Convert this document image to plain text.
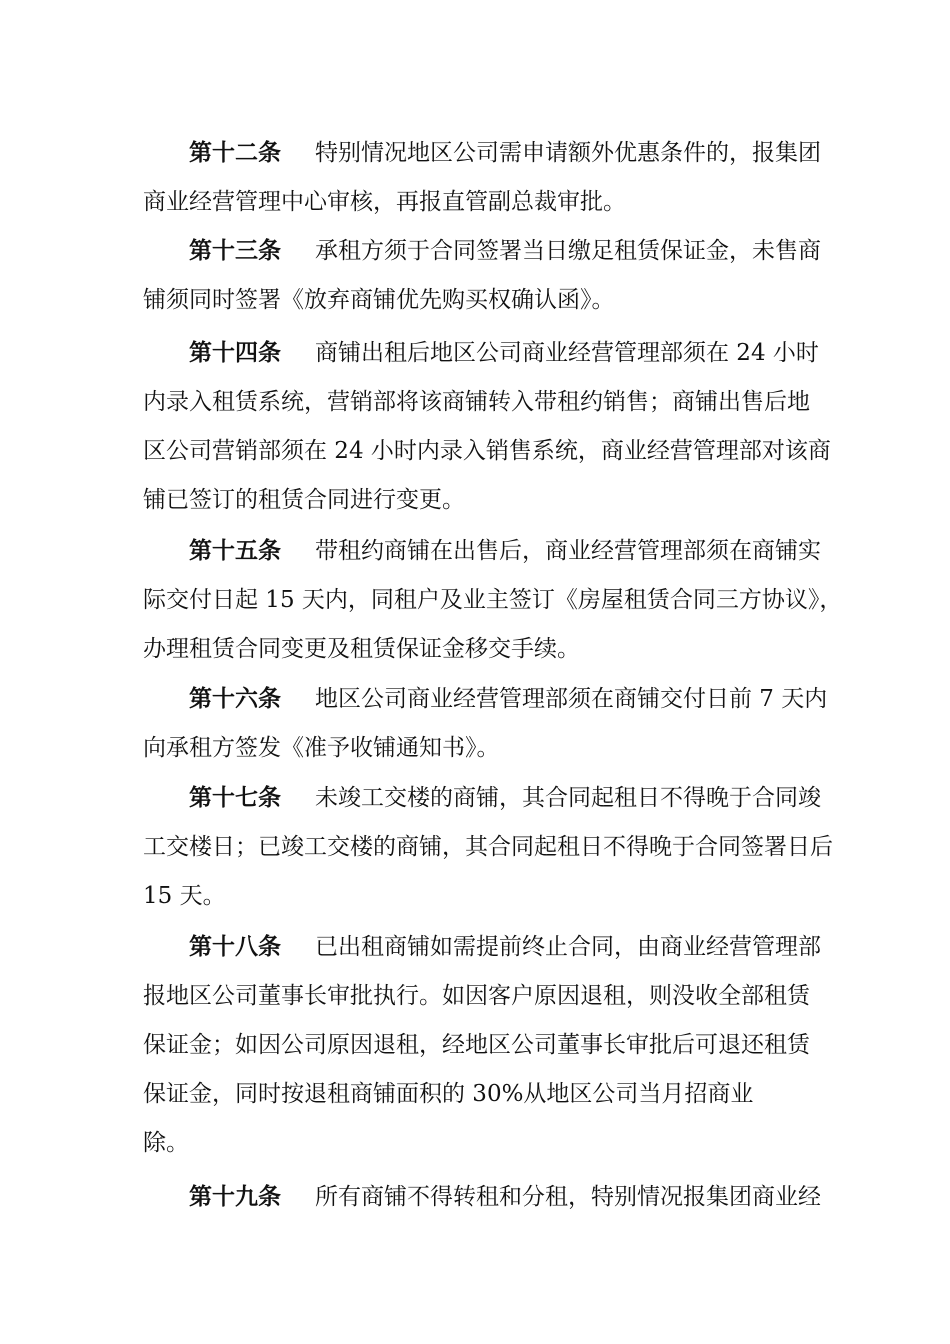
第十二条 特别情况地区公司需申请额外优惠条件的，报集团
商业经营管理中心审核，再报直管副总裁审批。
第十三条 承租方须于合同签署当日缴足租赁保证金，未售商
铺须同时签署《放弃商铺优先购买权确认函》。
第十四条 商铺出租后地区公司商业经营管理部须在 24 小时
内录入租赁系统，营销部将该商铺转入带租约销售；商铺出售后地
区公司营销部须在 24 小时内录入销售系统，商业经营管理部对该商
铺已签订的租赁合同进行变更。
第十五条 带租约商铺在出售后，商业经营管理部须在商铺实
际交付日起 15 天内，同租户及业主签订《房屋租赁合同三方协议》，
办理租赁合同变更及租赁保证金移交手续。
第十六条 地区公司商业经营管理部须在商铺交付日前 7 天内
向承租方签发《准予收铺通知书》。
第十七条 未竣工交楼的商铺，其合同起租日不得晚于合同竣
工交楼日；已竣工交楼的商铺，其合同起租日不得晚于合同签署日后
15 天。
第十八条 已出租商铺如需提前终止合同，由商业经营管理部
报地区公司董事长审批执行。如因客户原因退租，则没收全部租赁
保证金；如因公司原因退租，经地区公司董事长审批后可退还租赁
保证金，同时按退租商铺面积的 30%从地区公司当月招商业
除。
第十九条 所有商铺不得转租和分租，特别情况报集团商业经
